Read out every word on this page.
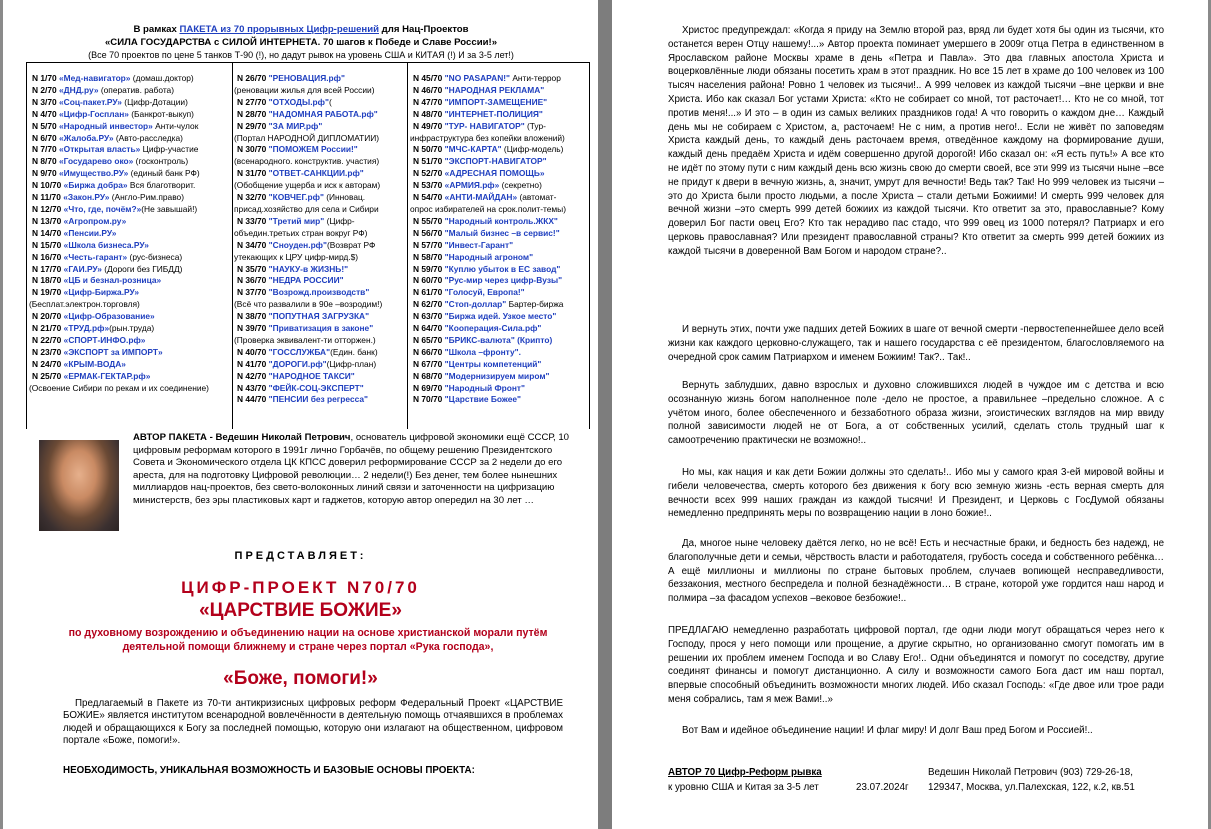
В рамках ПАКЕТА из 70 прорывных Цифр-решений для Нац-Проектов
«СИЛА ГОСУДАРСТВА с СИЛОЙ ИНТЕРНЕТА. 70 шагов к Победе и Славе России!»
(Все 70 проектов по цене 5 танков Т-90 (!), но дадут рывок на уровень США и КИТАЯ (!) И за 3-5 лет!)
N 1/70 «Мед-навигатор» (домаш.доктор)
N 2/70 «ДНД.ру» (оператив. работа)
N 3/70 «Соц-пакет.РУ» (Цифр-Дотации)
N 4/70 «Цифр-Госплан» (Банкрот-выкуп)
N 5/70 «Народный инвестор» Анти-чулок
N 6/70 «Жалоба.РУ» (Авто-расследка)
N 7/70 «Открытая власть» Цифр-участие
N 8/70 «Государево око» (госконтроль)
N 9/70 «Имущество.РУ» (единый банк РФ)
N 10/70 «Биржа добра» Вся благотворит.
N 11/70 «Закон.РУ» (Англо-Рим.право)
N 12/70 «Что, где, почём?»(Не завышай!)
N 13/70 «Агропром.ру»
N 14/70 «Пенсии.РУ»
N 15/70 «Школа бизнеса.РУ»
N 16/70 «Честь-гарант» (рус-бизнеса)
N 17/70 «ГАИ.РУ» (Дороги без ГИБДД)
N 18/70 «ЦБ и безнал-розница»
N 19/70 «Цифр-Биржа.РУ»
(Бесплат.электрон.торговля)
N 20/70 «Цифр-Образование»
N 21/70 «ТРУД.рф»(рын.труда)
N 22/70 «СПОРТ-ИНФО.рф»
N 23/70 «ЭКСПОРТ за ИМПОРТ»
N 24/70 «КРЫМ-ВОДА»
N 25/70 «ЕРМАК-ГЕКТАР.рф»
(Освоение Сибири по рекам и их соединение)
N 26/70 "РЕНОВАЦИЯ.рф"
(реновации жилья для всей России)
N 27/70 "ОТХОДЫ.рф"(
N 28/70 "НАДОМНАЯ РАБОТА.рф"
N 29/70 "ЗА МИР.рф"
(Портал НАРОДНОЙ ДИПЛОМАТИИ)
N 30/70 "ПОМОЖЕМ России!"
(всенародного. конструктив. участия)
N 31/70 "ОТВЕТ-САНКЦИИ.рф"
(Обобщение ущерба и иск к авторам)
N 32/70 "КОВЧЕГ.рф" (Инновац.
присад.хозяйство для села и Сибири
N 33/70 "Третий мир" (Цифр-
объедин.третьих стран вокруг РФ)
N 34/70 "Сноуден.рф"(Возврат РФ
утекающих к ЦРУ цифр-мирд.$)
N 35/70 "НАУКУ-в ЖИЗНЬ!"
N 36/70 "НЕДРА РОССИИ"
N 37/70 "Возрожд.производств"
(Всё что развалили в 90е –возродим!)
N 38/70 "ПОПУТНАЯ ЗАГРУЗКА"
N 39/70 "Приватизация в законе"
(Проверка эквивалент-ти отторжен.)
N 40/70 "ГОССЛУЖБА"(Един. банк)
N 41/70 "ДОРОГИ.рф"(Цифр-план)
N 42/70 "НАРОДНОЕ ТАКСИ"
N 43/70 "ФЕЙК-СОЦ-ЭКСПЕРТ"
N 44/70 "ПЕНСИИ без регресса"
N 45/70 "NO PASAPAN!" Анти-террор
N 46/70 "НАРОДНАЯ РЕКЛАМА"
N 47/70 "ИМПОРТ-ЗАМЕЩЕНИЕ"
N 48/70 "ИНТЕРНЕТ-ПОЛИЦИЯ"
N 49/70 "ТУР- НАВИГАТОР" (Тур-
инфраструктура без копейки вложений)
N 50/70 "МЧС-КАРТА" (Цифр-модель)
N 51/70 "ЭКСПОРТ-НАВИГАТОР"
N 52/70 «АДРЕСНАЯ ПОМОЩЬ»
N 53/70 «АРМИЯ.рф» (секретно)
N 54/70 «АНТИ-МАЙДАН» (автомат-
опрос избирателей на срок.полит-темы)
N 55/70 "Народный контроль.ЖКХ"
N 56/70 "Малый бизнес –в сервис!"
N 57/70 "Инвест-Гарант"
N 58/70 "Народный агроном"
N 59/70 "Куплю убыток в ЕС завод"
N 60/70 "Рус-мир через цифр-Вузы"
N 61/70 "Голосуй, Европа!"
N 62/70 "Стоп-доллар" Бартер-биржа
N 63/70 "Биржа идей. Узкое место"
N 64/70 "Кооперация-Сила.рф"
N 65/70 "БРИКС-валюта" (Крипто)
N 66/70 "Школа –фронту".
N 67/70 "Центры компетенций"
N 68/70 "Модернизируем миром"
N 69/70 "Народный Фронт"
N 70/70 "Царствие Божее"
АВТОР ПАКЕТА - Ведешин Николай Петрович, основатель цифровой экономики ещё СССР, 10 цифровым реформам которого в 1991г лично Горбачёв, по общему решению Президентского Совета и Экономического отдела ЦК КПСС доверил реформирование СССР за 2 недели до его ареста, для на подготовку Цифровой революции… 2 недели(!) Без денег, тем более нынешних миллиардов нац-проектов, без свето-волоконных линий связи и заточенности на цифризацию министерств, без эры пластиковых карт и гаджетов, которую автор опередил на 30 лет …
ПРЕДСТАВЛЯЕТ:
ЦИФР-ПРОЕКТ N70/70
«ЦАРСТВИЕ БОЖИЕ»
по духовному возрождению и объединению нации на основе христианской морали путём деятельной помощи ближнему и стране через портал «Рука господа»,
«Боже, помоги!»
Предлагаемый в Пакете из 70-ти антикризисных цифровых реформ Федеральный Проект «ЦАРСТВИЕ БОЖИЕ» является институтом всенародной вовлечённости в деятельную помощь отчаявшихся в проблемах людей и обращающихся к Богу за последней помощью, которую они излагают на общественном, цифровом портале «Боже, помоги!».
НЕОБХОДИМОСТЬ, УНИКАЛЬНАЯ ВОЗМОЖНОСТЬ И БАЗОВЫЕ ОСНОВЫ ПРОЕКТА:

Христос предупреждал: «Когда я приду на Землю второй раз, вряд ли будет хотя бы один из тысячи, кто останется верен Отцу нашему!...» Автор проекта поминает умершего в 2009г отца Петра в единственном в Ярославском районе Москвы храме в день «Петра и Павла». Это два главных апостола Христа и воцерковлённые люди обязаны посетить храм в этот праздник. Но все 15 лет в храме до 100 человек из 100 тысяч населения района! Ровно 1 человек из тысячи!.. А 999 человек из каждой тысячи –вне церкви и вне Христа. Ибо как сказал Бог устами Христа: «Кто не собирает со мной, тот расточает!… Кто не со мной, тот против меня!...» И это – в один из самых великих праздников года! А что говорить о каждом дне… Каждый день мы не собираем с Христом, а, расточаем! Не с ним, а против него!.. Если не живёт по заповедям Христа каждый день, то каждый день расточаем время, отведённое каждому на формирование души, каждый день предаём Христа и идём совершенно другой дорогой! Ибо сказал он: «Я есть путь!» А все кто не идёт по этому пути с ним каждый день всю жизнь свою до смерти своей, все эти 999 из тысячи ныне –все не придут к двери в вечную жизнь, а, значит, умрут для вечности! Ведь так? Так! Но 999 человек из тысячи –это до Христа были просто людьми, а после Христа – стали детьми Божиими! И смерть 999 человек для вечной жизни –это смерть 999 детей божиих из каждой тысячи. Кто ответит за это, православные? Кому доверил Бог пасти овец Его? Кто так нерадиво пас стадо, что 999 овец из 1000 потерял? Патриарх и его церковь православная? Или президент православной страны? Кто ответит за смерть 999 детей божиих из каждой тысячи в доверенной Вам Богом и народом стране?..

И вернуть этих, почти уже падших детей Божиих в шаге от вечной смерти -первостепеннейшее дело всей жизни как каждого церковно-служащего, так и нашего государства с её президентом, благословляемого на очередной срок самим Патриархом и именем Божиим! Так?.. Так!..

Вернуть заблудших, давно взрослых и духовно сложившихся людей в чуждое им с детства и всю осознанную жизнь богом наполненное поле -дело не простое, а правильнее –предельно сложное. А с учётом иного, более обеспеченного и беззаботного образа жизни, эгоистических взглядов на мир ввиду полной зависимости людей не от Бога, а от собственных усилий, сделать столь трудный шаг к самоотречению практически не возможно!..

Но мы, как нация и как дети Божии должны это сделать!.. Ибо мы у самого края 3-ей мировой войны и гибели человечества, смерть которого без движения к богу всю земную жизнь -есть верная смерть для вечности всех 999 наших граждан из каждой тысячи! И Президент, и Церковь с ГосДумой обязаны немедленно предпринять меры по возвращению нации в лоно божие!..

Да, многое ныне человеку даётся легко, но не всё! Есть и несчастные браки, и бедность без надежд, не благополучные дети и семьи, чёрствость власти и работодателя, грубость соседа и собственного ребёнка… А ещё миллионы и миллионы по стране бытовых проблем, случаев вопиющей несправедливости, беззакония, местного беспредела и полной безнадёжности… В стране, которой уже гордится наш народ и полмира –за фасадом успехов –вековое безбожие!..

ПРЕДЛАГАЮ немедленно разработать цифровой портал, где одни люди могут обращаться через него к Господу, прося у него помощи или прощение, а другие скрытно, но организованно смогут помогать им в решении их проблем именем Господа и во Славу Его!.. Одни объединятся и помогут по соседству, другие соединят финансы и помогут дистанционно. А силу и возможности самого Бога даст им наш портал, впервые способный объединить возможности многих людей. Ибо сказал Господь: «Где двое или трое ради меня собрались, там я меж Вами!..»

Вот Вам и идейное объединение нации! И флаг миру! И долг Ваш пред Богом и Россией!..

АВТОР 70 Цифр-Реформ рывка
к уровню США и Китая за 3-5 лет	23.07.2024г
Ведешин Николай Петрович (903) 729-26-18,
129347, Москва, ул.Палехская, 122, к.2, кв.51
